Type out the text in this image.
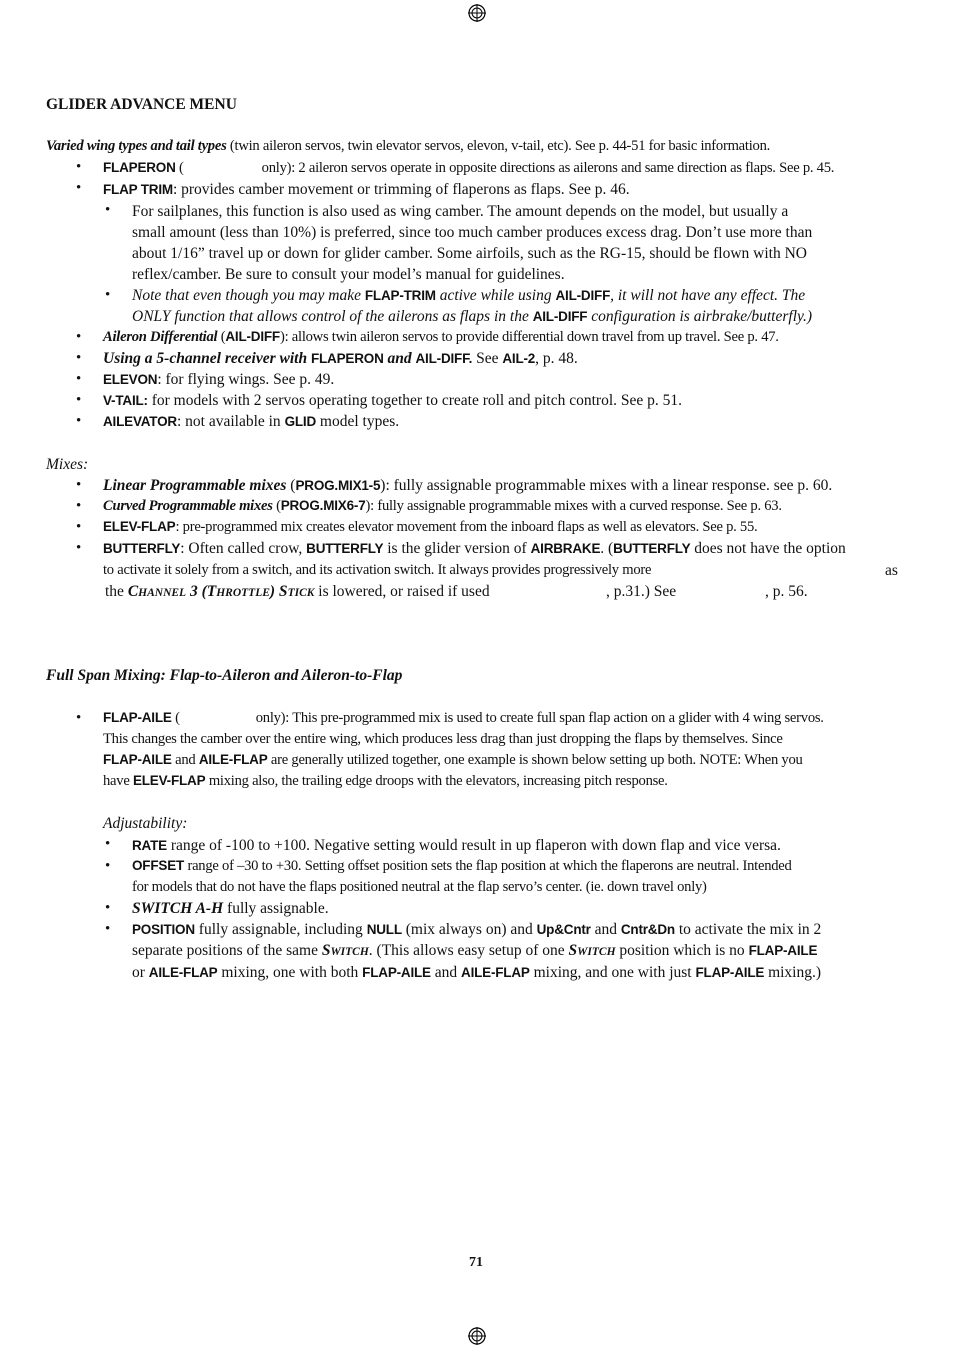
GLIDER ADVANCE MENU
Varied wing types and tail types (twin aileron servos, twin elevator servos, elevon, v-tail, etc). See p. 44-51 for basic information.
• FLAPERON (	only): 2 aileron servos operate in opposite directions as ailerons and same direction as flaps. See p. 45.
• FLAP TRIM: provides camber movement or trimming of flaperons as flaps. See p. 46.
• For sailplanes, this function is also used as wing camber. The amount depends on the model, but usually a
small amount (less than 10%) is preferred, since too much camber produces excess drag. Don’t use more than
about 1/16” travel up or down for glider camber. Some airfoils, such as the RG-15, should be flown with NO
reflex/camber. Be sure to consult your model’s manual for guidelines.
• Note that even though you may make FLAP-TRIM active while using AIL-DIFF, it will not have any effect. The
ONLY function that allows control of the ailerons as flaps in the AIL-DIFF configuration is airbrake/butterfly.)
• Aileron Differential (AIL-DIFF): allows twin aileron servos to provide differential down travel from up travel. See p. 47.
• Using a 5-channel receiver with FLAPERON and AIL-DIFF. See AIL-2, p. 48.
• ELEVON: for flying wings. See p. 49.
• V-TAIL: for models with 2 servos operating together to create roll and pitch control. See p. 51.
• AILEVATOR: not available in GLID model types.
Mixes:
• Linear Programmable mixes (PROG.MIX1-5): fully assignable programmable mixes with a linear response. see p. 60.
• Curved Programmable mixes (PROG.MIX6-7): fully assignable programmable mixes with a curved response. See p. 63.
• ELEV-FLAP: pre-programmed mix creates elevator movement from the inboard flaps as well as elevators. See p. 55.
• BUTTERFLY: Often called crow, BUTTERFLY is the glider version of AIRBRAKE. (BUTTERFLY does not have the option
to activate it solely from a switch, and its activation switch. It always provides progressively more	as
the CHANNEL 3 (THROTTLE) STICK is lowered, or raised if used	, p.31.) See	, p. 56.
Full Span Mixing: Flap-to-Aileron and Aileron-to-Flap
• FLAP-AILE (	only): This pre-programmed mix is used to create full span flap action on a glider with 4 wing servos.
This changes the camber over the entire wing, which produces less drag than just dropping the flaps by themselves. Since
FLAP-AILE and AILE-FLAP are generally utilized together, one example is shown below setting up both. NOTE: When you
have ELEV-FLAP mixing also, the trailing edge droops with the elevators, increasing pitch response.
Adjustability:
• RATE range of -100 to +100. Negative setting would result in up flaperon with down flap and vice versa.
• OFFSET range of –30 to +30. Setting offset position sets the flap position at which the flaperons are neutral. Intended
for models that do not have the flaps positioned neutral at the flap servo’s center. (ie. down travel only)
• SWITCH A-H fully assignable.
• POSITION fully assignable, including NULL (mix always on) and Up&Cntr and Cntr&Dn to activate the mix in 2
separate positions of the same SWITCH. (This allows easy setup of one SWITCH position which is no FLAP-AILE
or AILE-FLAP mixing, one with both FLAP-AILE and AILE-FLAP mixing, and one with just FLAP-AILE mixing.)
71
